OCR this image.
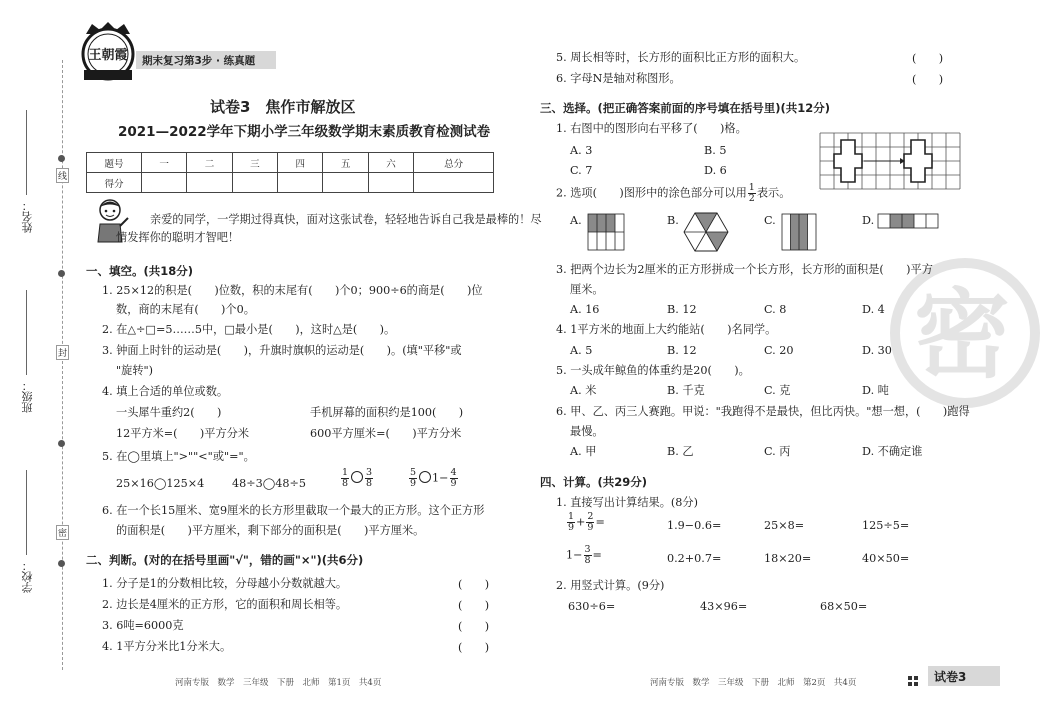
线
封
密
姓名：
班级：
学校：
王朝霞 期末复习第3步 · 练真题
试卷3　焦作市解放区
2021—2022学年下期小学三年级数学期末素质教育检测试卷
题号	一	二	三	四	五	六	总分
得分							
亲爱的同学，一学期过得真快，面对这张试卷，轻轻地告诉自己我是最棒的！尽
情发挥你的聪明才智吧！
一、填空。(共18分)
1. 25×12的积是(　　)位数，积的末尾有(　　)个0；900÷6的商是(　　)位
数，商的末尾有(　　)个0。
2. 在△÷□=5……5中，□最小是(　　)，这时△是(　　)。
3. 钟面上时针的运动是(　　)，升旗时旗帜的运动是(　　)。(填"平移"或
"旋转")
4. 填上合适的单位或数。
一头犀牛重约2(　　)	手机屏幕的面积约是100(　　)
12平方米=(　　)平方分米	600平方厘米=(　　)平方分米
5. 在◯里填上">""<"或"="。
25×16◯125×4 48÷3◯48÷5	$\frac{1}{8} \frac{3}{8}$	$\frac{5}{9} 1- \frac{4}{9}$
6. 在一个长15厘米、宽9厘米的长方形里截取一个最大的正方形。这个正方形
的面积是(　　)平方厘米，剩下部分的面积是(　　)平方厘米。
二、判断。(对的在括号里画"√"，错的画"×")(共6分)
1. 分子是1的分数相比较，分母越小分数就越大。	(　　)
2. 边长是4厘米的正方形，它的面积和周长相等。	(　　)
3. 6吨=6000克	(　　)
4. 1平方分米比1分米大。	(　　)
河南专版　数学　三年级　下册　北师　第1页　共4页
密
5. 周长相等时，长方形的面积比正方形的面积大。	(　　)
6. 字母N是轴对称图形。	(　　)
三、选择。(把正确答案前面的序号填在括号里)(共12分)
1. 右图中的图形向右平移了(　　)格。
A. 3	B. 5
C. 7	D. 6
2. 选项(　　)图形中的涂色部分可以用 $\frac{1}{2}$ 表示。
A.	B.	C.	D.
3. 把两个边长为2厘米的正方形拼成一个长方形，长方形的面积是(　　)平方
厘米。
A. 16	B. 12	C. 8	D. 4
4. 1平方米的地面上大约能站(　　)名同学。
A. 5	B. 12	C. 20	D. 30
5. 一头成年鲸鱼的体重约是20(　　)。
A. 米	B. 千克	C. 克	D. 吨
6. 甲、乙、丙三人赛跑。甲说："我跑得不是最快，但比丙快。"想一想，(　　)跑得
最慢。
A. 甲	B. 乙	C. 丙	D. 不确定谁
四、计算。(共29分)
1. 直接写出计算结果。(8分)
$\frac{1}{9} + \frac{2}{9}$ =	1.9−0.6=	25×8=	125÷5=
$1- \frac{3}{8}$ =	0.2+0.7=	18×20=	40×50=
2. 用竖式计算。(9分)
630÷6=	43×96=	68×50=
河南专版　数学　三年级　下册　北师　第2页　共4页	试卷3
